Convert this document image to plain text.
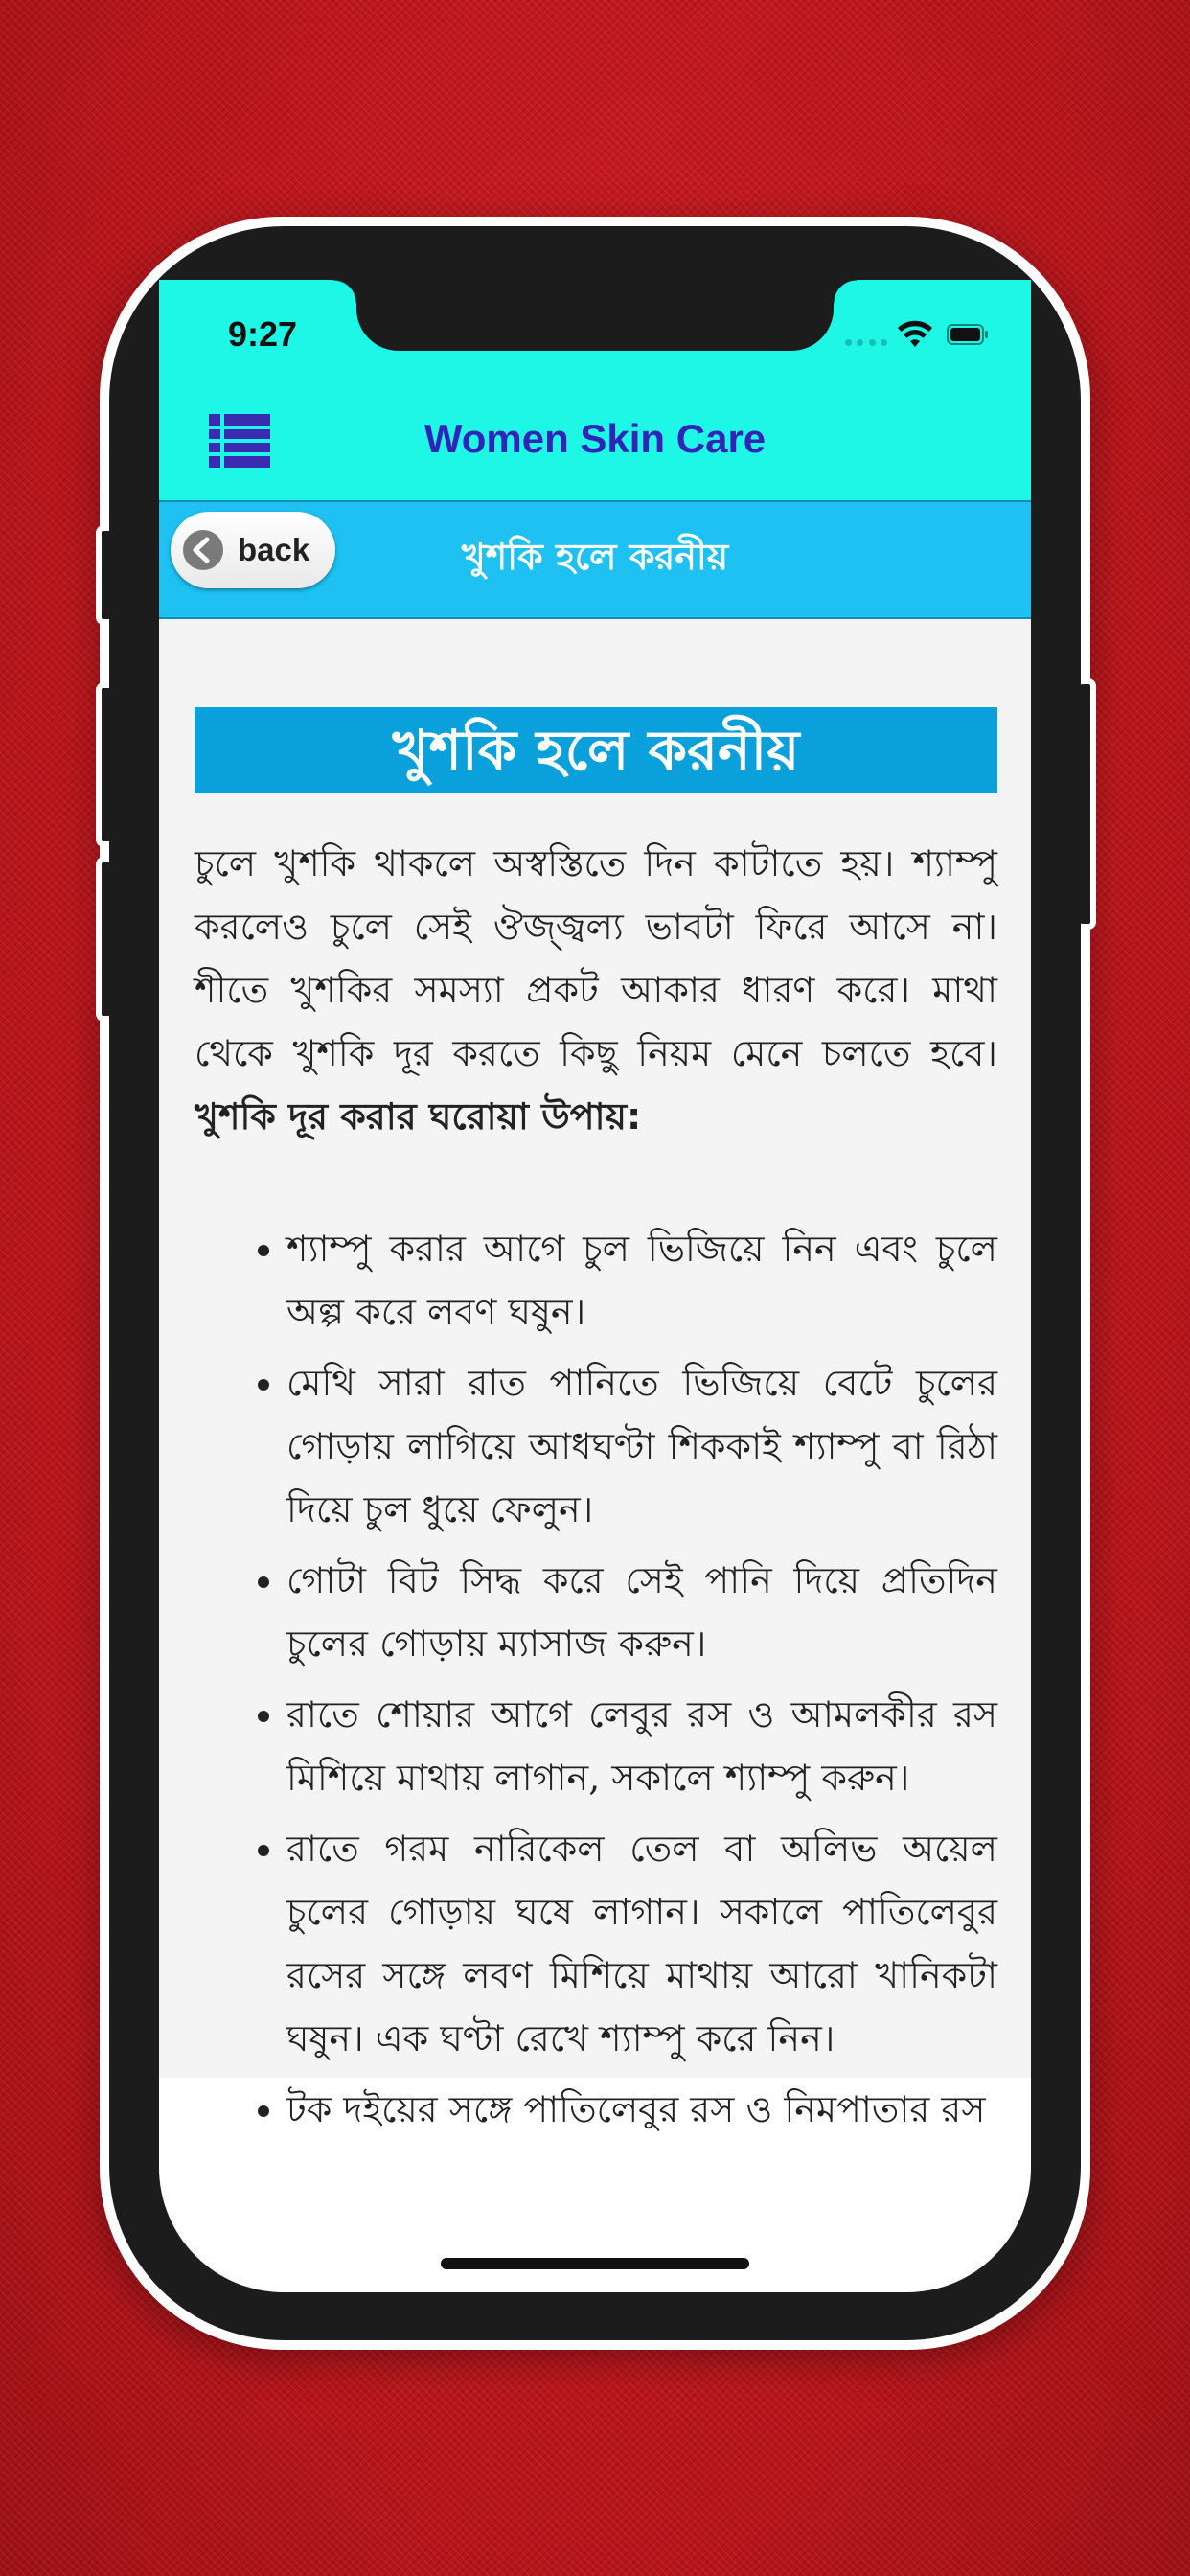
9:27
Women Skin Care
back	খুশকি হলে করনীয়
খুশকি হলে করনীয়

চুলে খুশকি থাকলে অস্বস্তিতে দিন কাটাতে হয়। শ্যাম্পু করলেও চুলে সেই ঔজ্জ্বল্য ভাবটা ফিরে আসে না। শীতে খুশকির সমস্যা প্রকট আকার ধারণ করে। মাথা থেকে খুশকি দূর করতে কিছু নিয়ম মেনে চলতে হবে। খুশকি দূর করার ঘরোয়া উপায়:

• শ্যাম্পু করার আগে চুল ভিজিয়ে নিন এবং চুলে অল্প করে লবণ ঘষুন।
• মেথি সারা রাত পানিতে ভিজিয়ে বেটে চুলের গোড়ায় লাগিয়ে আধঘণ্টা শিককাই শ্যাম্পু বা রিঠা দিয়ে চুল ধুয়ে ফেলুন।
• গোটা বিট সিদ্ধ করে সেই পানি দিয়ে প্রতিদিন চুলের গোড়ায় ম্যাসাজ করুন।
• রাতে শোয়ার আগে লেবুর রস ও আমলকীর রস মিশিয়ে মাথায় লাগান, সকালে শ্যাম্পু করুন।
• রাতে গরম নারিকেল তেল বা অলিভ অয়েল চুলের গোড়ায় ঘষে লাগান। সকালে পাতিলেবুর রসের সঙ্গে লবণ মিশিয়ে মাথায় আরো খানিকটা ঘষুন। এক ঘণ্টা রেখে শ্যাম্পু করে নিন।
• টক দইয়ের সঙ্গে পাতিলেবুর রস ও নিমপাতার রস
